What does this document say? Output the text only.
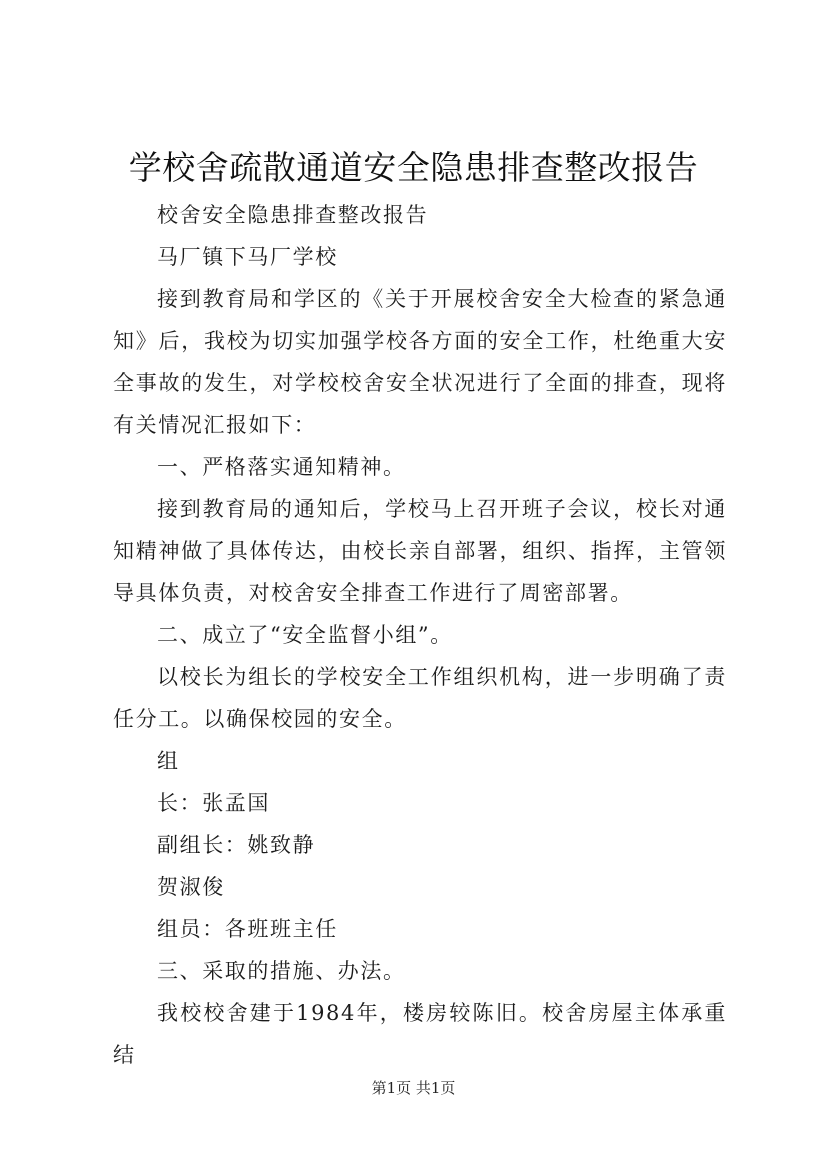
学校舍疏散通道安全隐患排查整改报告

校舍安全隐患排查整改报告

马厂镇下马厂学校

接到教育局和学区的《关于开展校舍安全大检查的紧急通知》后，我校为切实加强学校各方面的安全工作，杜绝重大安全事故的发生，对学校校舍安全状况进行了全面的排查，现将有关情况汇报如下：

一、严格落实通知精神。

接到教育局的通知后，学校马上召开班子会议，校长对通知精神做了具体传达，由校长亲自部署，组织、指挥，主管领导具体负责，对校舍安全排查工作进行了周密部署。

二、成立了“安全监督小组”。

以校长为组长的学校安全工作组织机构，进一步明确了责任分工。以确保校园的安全。

组

长：张孟国

副组长：姚致静

贺淑俊

组员：各班班主任

三、采取的措施、办法。

我校校舍建于1984年，楼房较陈旧。校舍房屋主体承重结

第1页 共1页
